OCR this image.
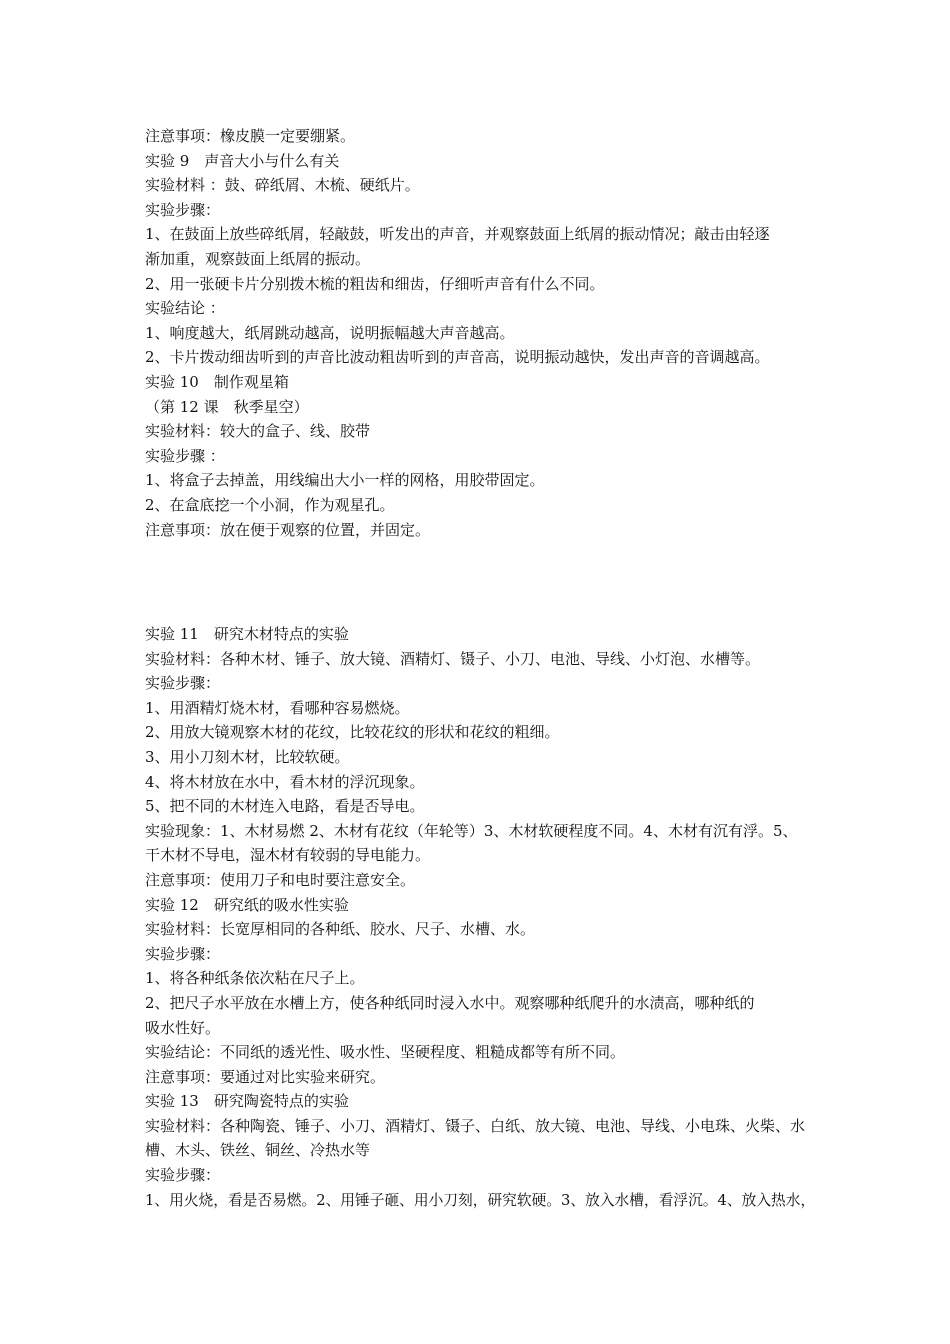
注意事项：橡皮膜一定要绷紧。
实验 9　声音大小与什么有关
实验材料 ：鼓、碎纸屑、木梳、硬纸片。
实验步骤：
1、在鼓面上放些碎纸屑，轻敲鼓，听发出的声音，并观察鼓面上纸屑的振动情况；敲击由轻逐
渐加重，观察鼓面上纸屑的振动。
2、用一张硬卡片分别拨木梳的粗齿和细齿，仔细听声音有什么不同。
实验结论 ：
1、响度越大，纸屑跳动越高，说明振幅越大声音越高。
2、卡片拨动细齿听到的声音比波动粗齿听到的声音高，说明振动越快，发出声音的音调越高。
实验 10　制作观星箱
（第 12 课　秋季星空）
实验材料：较大的盒子、线、胶带
实验步骤 ：
1、将盒子去掉盖，用线编出大小一样的网格，用胶带固定。
2、在盒底挖一个小洞，作为观星孔。
注意事项：放在便于观察的位置，并固定。
实验 11　研究木材特点的实验
实验材料：各种木材、锤子、放大镜、酒精灯、镊子、小刀、电池、导线、小灯泡、水槽等。
实验步骤：
1、用酒精灯烧木材，看哪种容易燃烧。
2、用放大镜观察木材的花纹，比较花纹的形状和花纹的粗细。
3、用小刀刻木材，比较软硬。
4、将木材放在水中，看木材的浮沉现象。
5、把不同的木材连入电路，看是否导电。
实验现象：1、木材易燃 2、木材有花纹（年轮等）3、木材软硬程度不同。4、木材有沉有浮。5、
干木材不导电，湿木材有较弱的导电能力。
注意事项：使用刀子和电时要注意安全。
实验 12　研究纸的吸水性实验
实验材料：长宽厚相同的各种纸、胶水、尺子、水槽、水。
实验步骤：
1、将各种纸条依次粘在尺子上。
2、把尺子水平放在水槽上方，使各种纸同时浸入水中。观察哪种纸爬升的水渍高，哪种纸的
吸水性好。
实验结论：不同纸的透光性、吸水性、坚硬程度、粗糙成都等有所不同。
注意事项：要通过对比实验来研究。
实验 13　研究陶瓷特点的实验
实验材料：各种陶瓷、锤子、小刀、酒精灯、镊子、白纸、放大镜、电池、导线、小电珠、火柴、水
槽、木头、铁丝、铜丝、冷热水等
实验步骤：
1、用火烧，看是否易燃。2、用锤子砸、用小刀刻，研究软硬。3、放入水槽，看浮沉。4、放入热水，
